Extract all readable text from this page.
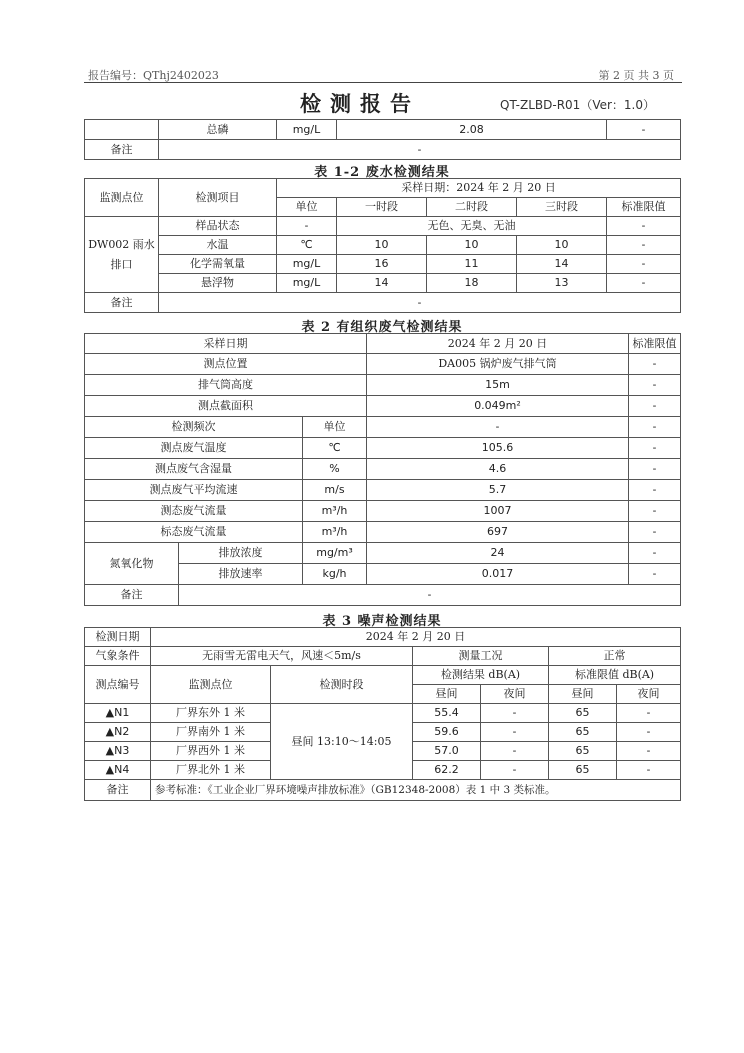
报告编号：QThj2402023	第 2 页 共 3 页
检测报告	QT-ZLBD-R01（Ver：1.0）
	总磷	mg/L	2.08	-
备注	-			
表 1-2 废水检测结果
监测点位	检测项目	采样日期：2024 年 2 月 20 日				
		单位	一时段	二时段	三时段	标准限值
DW002 雨水排口	样品状态	-	无色、无臭、无油			-
	水温	℃	10	10	10	-
	化学需氧量	mg/L	16	11	14	-
	悬浮物	mg/L	14	18	13	-
备注	-					
表 2 有组织废气检测结果
采样日期			2024 年 2 月 20 日	标准限值
测点位置			DA005 锅炉废气排气筒	-
排气筒高度			15m	-
测点截面积			0.049m²	-
检测频次		单位	-	-
测点废气温度		℃	105.6	-
测点废气含湿量		%	4.6	-
测点废气平均流速		m/s	5.7	-
测态废气流量		m³/h	1007	-
标态废气流量		m³/h	697	-
氮氧化物	排放浓度	mg/m³	24	-
	排放速率	kg/h	0.017	-
备注	-			
表 3 噪声检测结果
检测日期	2024 年 2 月 20 日					
气象条件	无雨雪无雷电天气，风速＜5m/s		测量工况		正常	
测点编号	监测点位	检测时段	检测结果 dB(A)		标准限值 dB(A)	
			昼间	夜间	昼间	夜间
▲N1	厂界东外 1 米	昼间 13:10～14:05	55.4	-	65	-
▲N2	厂界南外 1 米		59.6	-	65	-
▲N3	厂界西外 1 米		57.0	-	65	-
▲N4	厂界北外 1 米		62.2	-	65	-
备注	参考标准：《工业企业厂界环境噪声排放标准》（GB12348-2008）表 1 中 3 类标准。					
